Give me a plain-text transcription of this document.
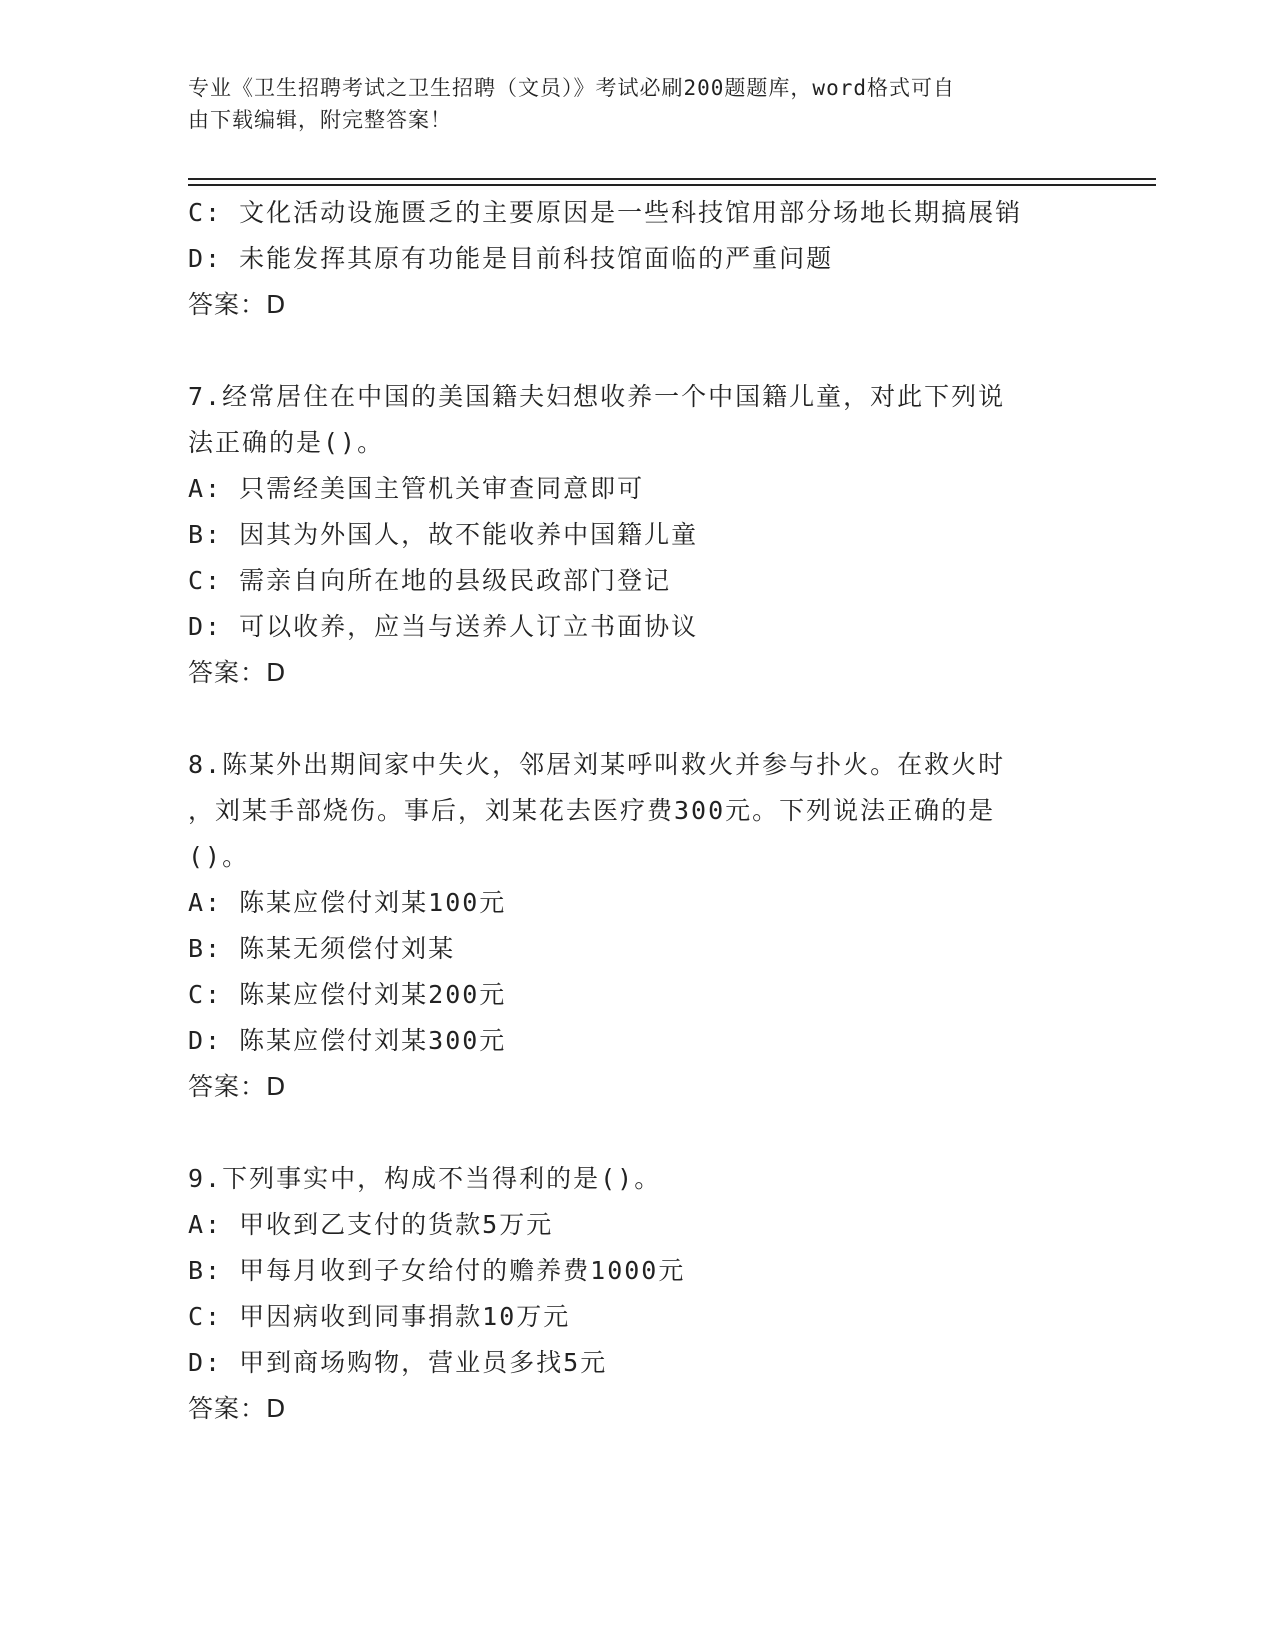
专业《卫生招聘考试之卫生招聘（文员）》考试必刷200题题库，word格式可自
由下载编辑，附完整答案！
C: 文化活动设施匮乏的主要原因是一些科技馆用部分场地长期搞展销
D: 未能发挥其原有功能是目前科技馆面临的严重问题
答案：D
7.经常居住在中国的美国籍夫妇想收养一个中国籍儿童，对此下列说
法正确的是()。
A: 只需经美国主管机关审查同意即可
B: 因其为外国人，故不能收养中国籍儿童
C: 需亲自向所在地的县级民政部门登记
D: 可以收养，应当与送养人订立书面协议
答案：D
8.陈某外出期间家中失火，邻居刘某呼叫救火并参与扑火。在救火时
，刘某手部烧伤。事后，刘某花去医疗费300元。下列说法正确的是
()。
A: 陈某应偿付刘某100元
B: 陈某无须偿付刘某
C: 陈某应偿付刘某200元
D: 陈某应偿付刘某300元
答案：D
9.下列事实中，构成不当得利的是()。
A: 甲收到乙支付的货款5万元
B: 甲每月收到子女给付的赡养费1000元
C: 甲因病收到同事捐款10万元
D: 甲到商场购物，营业员多找5元
答案：D
